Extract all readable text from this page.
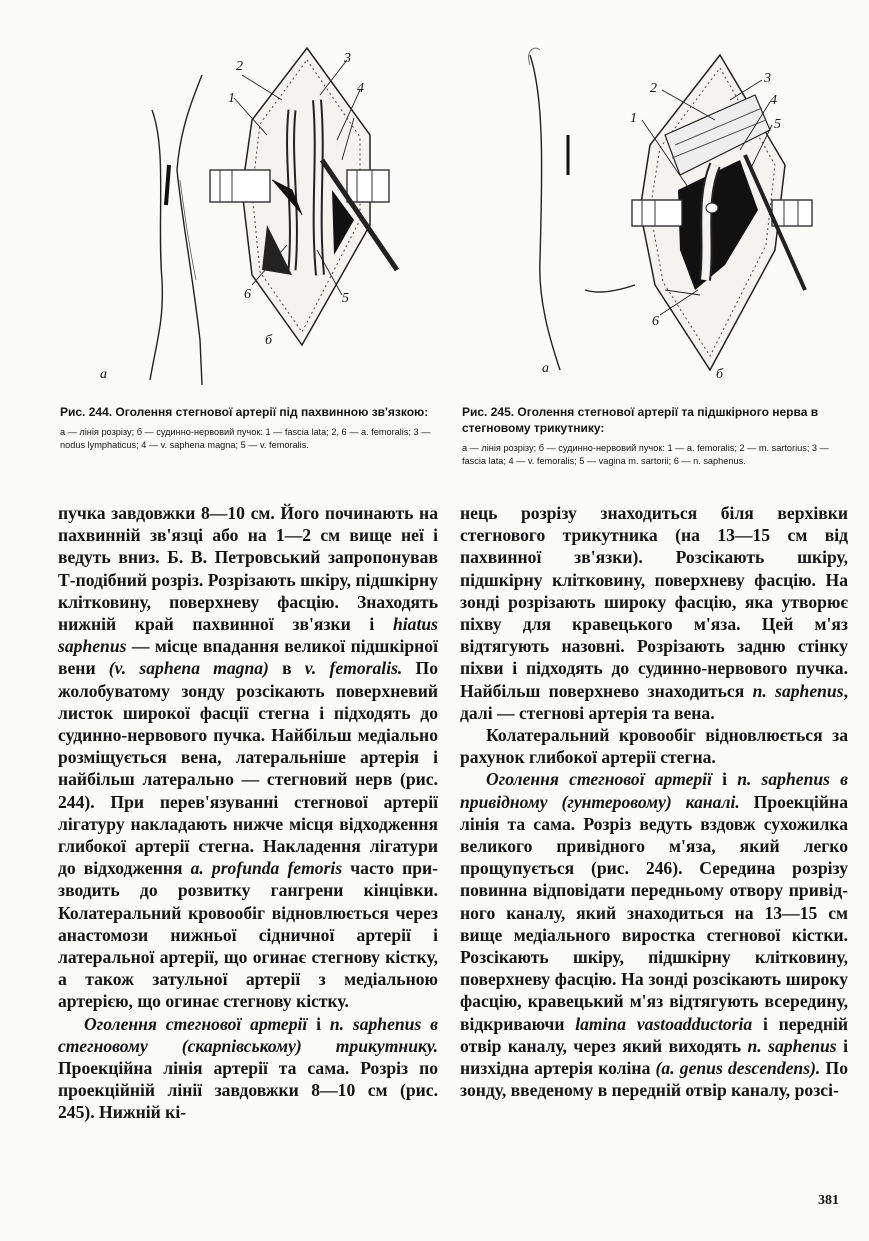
2
1
3
4
6	5
б
а
2
3
4
5
1
6
б
а
Рис. 244. Оголення стегнової артерії під пахвинною зв'язкою:
а — лінія розрізу; б — судинно-нервовий пучок: 1 — fascia lata; 2, 6 — a. femoralis; 3 — nodus lymphaticus; 4 — v. saphena magna; 5 — v. femoralis.
Рис. 245. Оголення стегнової артерії та підшкірного нерва в стегновому трикутнику:
а — лінія розрізу; б — судинно-нервовий пучок: 1 — a. femoralis; 2 — m. sartorius; 3 — fascia lata; 4 — v. femoralis; 5 — vagina m. sartorii; 6 — n. saphenus.

пучка завдовжки 8—10 см. Його починають на пахвинній зв'язці або на 1—2 см вище неї і ведуть вниз. Б. В. Петровський запропонував Т-подібний розріз. Розрізають шкіру, підшкірну клітковину, поверхневу фасцію. Знаходять нижній край пахвинної зв'язки і hiatus saphenus — місце впадання великої підшкірної вени (v. saphena magna) в v. femoralis. По жолобуватому зонду розсікають поверхневий листок широкої фасції стегна і підходять до судинно-нервового пучка. Найбільш медіально розміщується вена, латеральніше артерія і найбільш латерально — стегновий нерв (рис. 244). При перев'язуванні стегнової артерії лігатуру накладають нижче місця відходження глибокої артерії стегна. Накладення лігатури до відходження a. profunda femoris часто призводить до розвитку гангрени кінцівки. Колатеральний кровообіг відновлюється через анастомози нижньої сідничної артерії і латеральної артерії, що огинає стегнову кістку, а також затульної артерії з медіальною артерією, що огинає стегнову кістку.

Оголення стегнової артерії і n. saphenus в стегновому (скарпівському) трикутнику. Проекційна лінія артерії та сама. Розріз по проекційній лінії завдовжки 8—10 см (рис. 245). Нижній кі-

нець розрізу знаходиться біля верхівки стегнового трикутника (на 13—15 см від пахвинної зв'язки). Розсікають шкіру, підшкірну клітковину, поверхневу фасцію. На зонді розрізають широку фасцію, яка утворює піхву для кравецького м'яза. Цей м'яз відтягують назовні. Розрізають задню стінку піхви і підходять до судинно-нервового пучка. Найбільш поверхнево знаходиться n. saphenus, далі — стегнові артерія та вена.

Колатеральний кровообіг відновлюється за рахунок глибокої артерії стегна.

Оголення стегнової артерії і n. saphenus в привідному (гунтеровому) каналі. Проекційна лінія та сама. Розріз ведуть вздовж сухожилка великого привідного м'яза, який легко прощупується (рис. 246). Середина розрізу повинна відповідати передньому отвору привідного каналу, який знаходиться на 13—15 см вище медіального виростка стегнової кістки. Розсікають шкіру, підшкірну клітковину, поверхневу фасцію. На зонді розсікають широку фасцію, кравецький м'яз відтягують всередину, відкриваючи lamina vastoadductoria і передній отвір каналу, через який виходять n. saphenus і низхідна артерія коліна (a. genus descendens). По зонду, введеному в передній отвір каналу, розсі-

381
